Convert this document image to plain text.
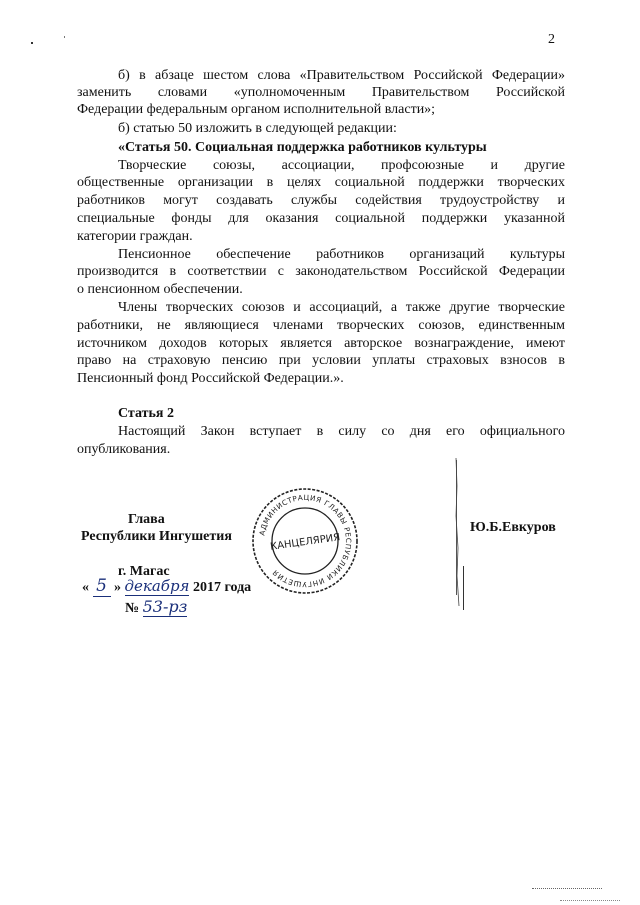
2
б) в абзаце шестом слова «Правительством Российской Федерации»
заменить словами «уполномоченным Правительством Российской
Федерации федеральным органом исполнительной власти»;
б) статью 50 изложить в следующей редакции:
«Статья 50. Социальная поддержка работников культуры
Творческие союзы, ассоциации, профсоюзные и другие
общественные организации в целях социальной поддержки творческих
работников могут создавать службы содействия трудоустройству и
специальные фонды для оказания социальной поддержки указанной
категории граждан.
Пенсионное обеспечение работников организаций культуры
производится в соответствии с законодательством Российской Федерации
о пенсионном обеспечении.
Члены творческих союзов и ассоциаций, а также другие творческие
работники, не являющиеся членами творческих союзов, единственным
источником доходов которых является авторское вознаграждение, имеют
право на страховую пенсию при условии уплаты страховых взносов в
Пенсионный фонд Российской Федерации.».
Статья 2
Настоящий Закон вступает в силу со дня его официального
опубликования.
Глава
Республики Ингушетия
Ю.Б.Евкуров
г. Магас
« 5 » декабря 2017 года
№ 53-рз
АДМИНИСТРАЦИЯ ГЛАВЫ РЕСПУБЛИКИ ИНГУШЕТИЯ
КАНЦЕЛЯРИЯ
